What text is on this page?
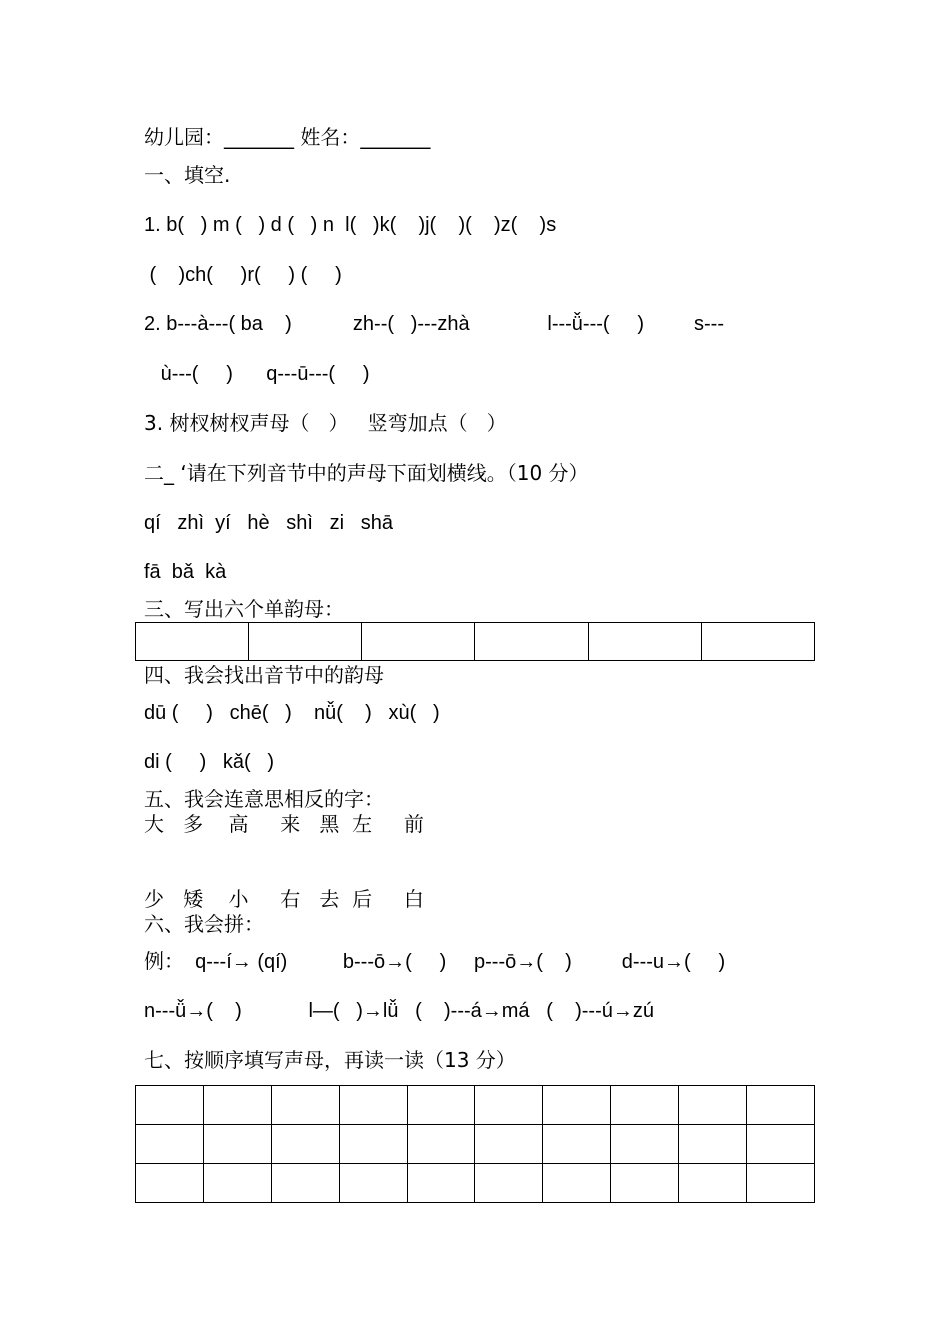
幼儿园：_______ 姓名：_______
一、填空.
1. b(   ) m (   ) d (   ) n  l(   )k(    )j(    )(    )z(    )s
(    )ch(     )r(     ) (     )
2. b---à---( ba    )           zh--(   )---zhà              l---ǚ---(     )         s---
ù---(     )      q---ū---(     )
3. 树杈树杈声母（   ）   竖弯加点（   ）
二_ ‘请在下列音节中的声母下面划横线。（10 分）
qí   zhì  yí   hè   shì   zi   shā
fā  bǎ  kà
三、写出六个单韵母：

四、我会找出音节中的韵母
dū (     )   chē(   )    nǚ(    )   xù(   )
di (     )   kǎ(   )
五、我会连意思相反的字：
大   多    高     来   黑  左     前
少   矮    小     右   去  后     白
六、我会拼：
例：  q---í→ (qí)          b---ō→(     )     p---ō→(    )         d---u→(     )
n---ǚ→(    )            l—(   )→lǚ   (    )---á→má   (    )---ú→zú
七、按顺序填写声母，再读一读（13 分）
